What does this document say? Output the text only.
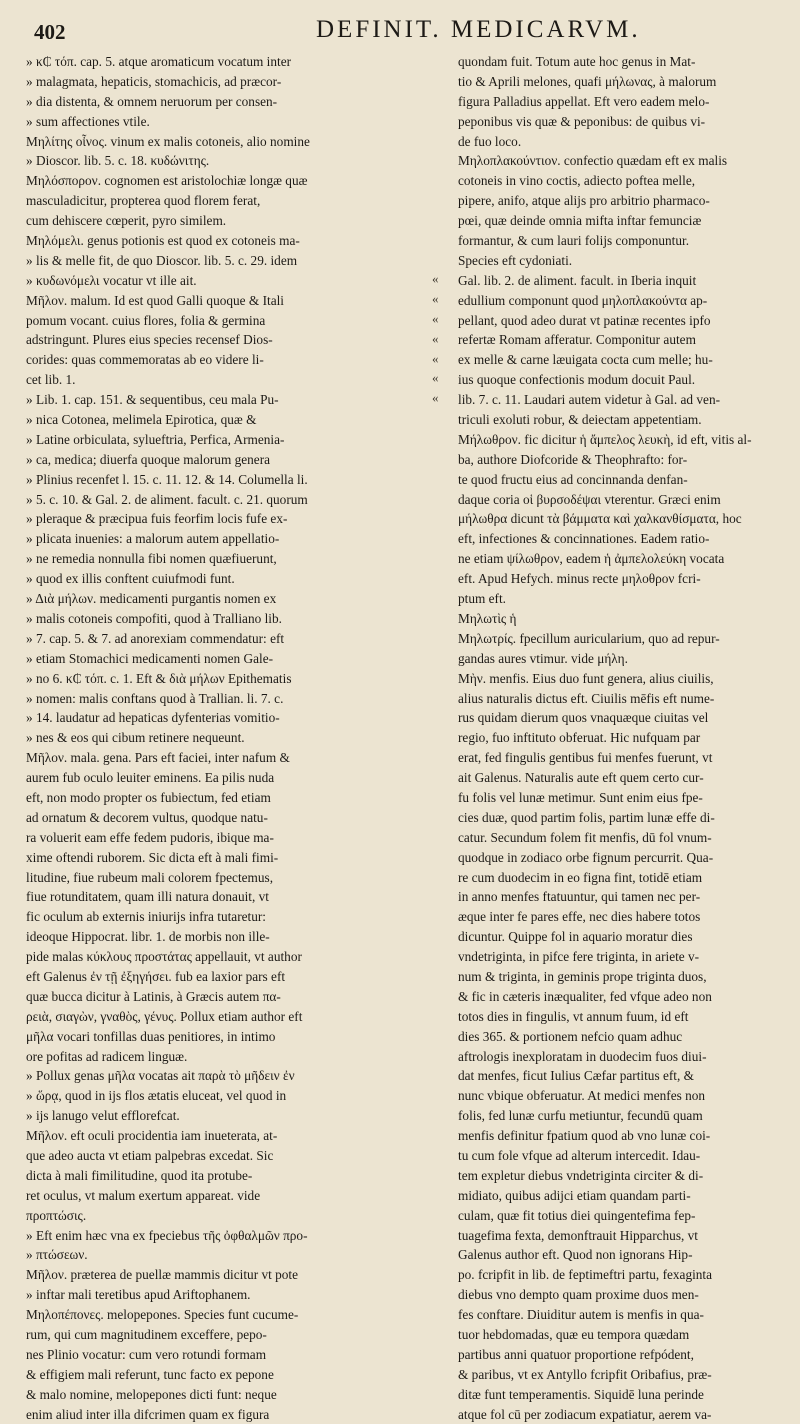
402	DEFINIT. MEDICARVM.
» κ₵ τόπ. cap. 5. atque aromaticum vocatum inter
» malagmata, hepaticis, stomachicis, ad præcor-
» dia distenta, & omnem neruorum per consen-
» sum affectiones vtile.
Μηλίτης οἶνος. vinum ex malis cotoneis, alio nomine
» Dioscor. lib. 5. c. 18. κυδώνιτης.
Μηλόσπορον. cognomen est aristolochiæ longæ quæ
masculadicitur, propterea quod florem ferat,
cum dehiscere cœperit, pyro similem.
Μηλόμελι. genus potionis est quod ex cotoneis ma-
» lis & melle fit, de quo Dioscor. lib. 5. c. 29. idem
» κυδωνόμελι vocatur vt ille ait.
Μῆλον. malum. Id est quod Galli quoque & Itali
pomum vocant. cuius flores, folia & germina
adstringunt. Plures eius species recensef Dios-
corides: quas commemoratas ab eo videre li-
cet lib. 1.
» Lib. 1. cap. 151. & sequentibus, ceu mala Pu-
» nica Cotonea, melimela Epirotica, quæ &
» Latine orbiculata, sylueftria, Perfica, Armenia-
» ca, medica; diuerfa quoque malorum genera
» Plinius recenfet l. 15. c. 11. 12. & 14. Columella li.
» 5. c. 10. & Gal. 2. de aliment. facult. c. 21. quorum
» pleraque & præcipua fuis feorfim locis fufe ex-
» plicata inuenies: a malorum autem appellatio-
» ne remedia nonnulla fibi nomen quæfiuerunt,
» quod ex illis conftent cuiufmodi funt.
» Διὰ μήλων. medicamenti purgantis nomen ex
» malis cotoneis compofiti, quod à Tralliano lib.
» 7. cap. 5. & 7. ad anorexiam commendatur: eft
» etiam Stomachici medicamenti nomen Gale-
» no 6. κ₵ τόπ. c. 1. Eft & διὰ μήλων Epithematis
» nomen: malis conftans quod à Trallian. li. 7. c.
» 14. laudatur ad hepaticas dyfenterias vomitio-
» nes & eos qui cibum retinere nequeunt.
Μῆλον. mala. gena. Pars eft faciei, inter nafum &
aurem fub oculo leuiter eminens. Ea pilis nuda
eft, non modo propter os fubiectum, fed etiam
ad ornatum & decorem vultus, quodque natu-
ra voluerit eam effe fedem pudoris, ibique ma-
xime oftendi ruborem. Sic dicta eft à mali fimi-
litudine, fiue rubeum mali colorem fpectemus,
fiue rotunditatem, quam illi natura donauit, vt
fic oculum ab externis iniurijs infra tutaretur:
ideoque Hippocrat. libr. 1. de morbis non ille-
pide malas κύκλους προστάτας appellauit, vt author
eft Galenus ἐν τῇ ἐξηγήσει. fub ea laxior pars eft
quæ bucca dicitur à Latinis, à Græcis autem πα-
ρειὰ, σιαγὼν, γναθὸς, γένυς. Pollux etiam author eft
μῆλα vocari tonfillas duas penitiores, in intimo
ore pofitas ad radicem linguæ.
» Pollux genas μῆλα vocatas ait παρὰ τὸ μῆδειν ἐν
» ὥρᾳ, quod in ijs flos ætatis eluceat, vel quod in
» ijs lanugo velut efflorefcat.
Μῆλον. eft oculi procidentia iam inueterata, at-
que adeo aucta vt etiam palpebras excedat. Sic
dicta à mali fimilitudine, quod ita protube-
ret oculus, vt malum exertum appareat. vide
προπτώσις.
» Eft enim hæc vna ex fpeciebus τῆς ὀφθαλμῶν προ-
» πτώσεων.
Μῆλον. præterea de puellæ mammis dicitur vt pote
» inftar mali teretibus apud Ariftophanem.
Μηλοπέπονες. melopepones. Species funt cucume-
rum, qui cum magnitudinem exceffere, pepo-
nes Plinio vocatur: cum vero rotundi formam
& effigiem mali referunt, tunc facto ex pepone
& malo nomine, melopepones dicti funt: neque
enim aliud inter illa difcrimen quam ex figura
«
«
«
«
«
«
«
quondam fuit. Totum aute hoc genus in Mat-
tio & Aprili melones, quafi μήλωνας, à malorum
figura Palladius appellat. Eft vero eadem melo-
peponibus vis quæ & peponibus: de quibus vi-
de fuo loco.
Μηλοπλακούντιον. confectio quædam eft ex malis
cotoneis in vino coctis, adiecto poftea melle,
pipere, anifo, atque alijs pro arbitrio pharmaco-
pœi, quæ deinde omnia mifta inftar femunciæ
formantur, & cum lauri folijs componuntur.
Species eft cydoniati.
Gal. lib. 2. de aliment. facult. in Iberia inquit
edullium componunt quod μηλοπλακούντα ap-
pellant, quod adeo durat vt patinæ recentes ipfo
refertæ Romam afferatur. Componitur autem
ex melle & carne læuigata cocta cum melle; hu-
ius quoque confectionis modum docuit Paul.
lib. 7. c. 11. Laudari autem videtur à Gal. ad ven-
triculi exoluti robur, & deiectam appetentiam.
Μήλωθρον. fic dicitur ἡ ἄμπελος λευκὴ, id eft, vitis al-
ba, authore Diofcoride & Theophrafto: for-
te quod fructu eius ad concinnanda denfan-
daque coria οἱ βυρσοδέψαι vterentur. Græci enim
μήλωθρα dicunt τὰ βάμματα καὶ χαλκανθίσματα, hoc
eft, infectiones & concinnationes. Eadem ratio-
ne etiam ψίλωθρον, eadem ἡ ἀμπελολεύκη vocata
eft. Apud Hefych. minus recte μηλοθρον fcri-
ptum eft.
Μηλωτὶς ἡ
Μηλωτρίς. fpecillum auricularium, quo ad repur-
gandas aures vtimur. vide μήλη.
Μὴν. menfis. Eius duo funt genera, alius ciuilis,
alius naturalis dictus eft. Ciuilis mēfis eft nume-
rus quidam dierum quos vnaquæque ciuitas vel
regio, fuo inftituto obferuat. Hic nufquam par
erat, fed fingulis gentibus fui menfes fuerunt, vt
ait Galenus. Naturalis aute eft quem certo cur-
fu folis vel lunæ metimur. Sunt enim eius fpe-
cies duæ, quod partim folis, partim lunæ effe di-
catur. Secundum folem fit menfis, dū fol vnum-
quodque in zodiaco orbe fignum percurrit. Qua-
re cum duodecim in eo figna fint, totidē etiam
in anno menfes ftatuuntur, qui tamen nec per-
æque inter fe pares effe, nec dies habere totos
dicuntur. Quippe fol in aquario moratur dies
vndetriginta, in pifce fere triginta, in ariete v-
num & triginta, in geminis prope triginta duos,
& fic in cæteris inæqualiter, fed vfque adeo non
totos dies in fingulis, vt annum fuum, id eft
dies 365. & portionem nefcio quam adhuc
aftrologis inexploratam in duodecim fuos diui-
dat menfes, ficut Iulius Cæfar partitus eft, &
nunc vbique obferuatur. At medici menfes non
folis, fed lunæ curfu metiuntur, fecundū quam
menfis definitur fpatium quod ab vno lunæ coi-
tu cum fole vfque ad alterum intercedit. Idau-
tem expletur diebus vndetriginta circiter & di-
midiato, quibus adijci etiam quandam parti-
culam, quæ fit totius diei quingentefima fep-
tuagefima fexta, demonftrauit Hipparchus, vt
Galenus author eft. Quod non ignorans Hip-
po. fcripfit in lib. de feptimeftri partu, fexaginta
diebus vno dempto quam proxime duos men-
fes conftare. Diuiditur autem is menfis in qua-
tuor hebdomadas, quæ eu tempora quædam
partibus anni quatuor proportione refpódent,
& paribus, vt ex Antyllo fcripfit Oribafius, præ-
ditæ funt temperamentis. Siquidē luna perinde
atque fol cū per zodiacum expatiatur, aerem va-
